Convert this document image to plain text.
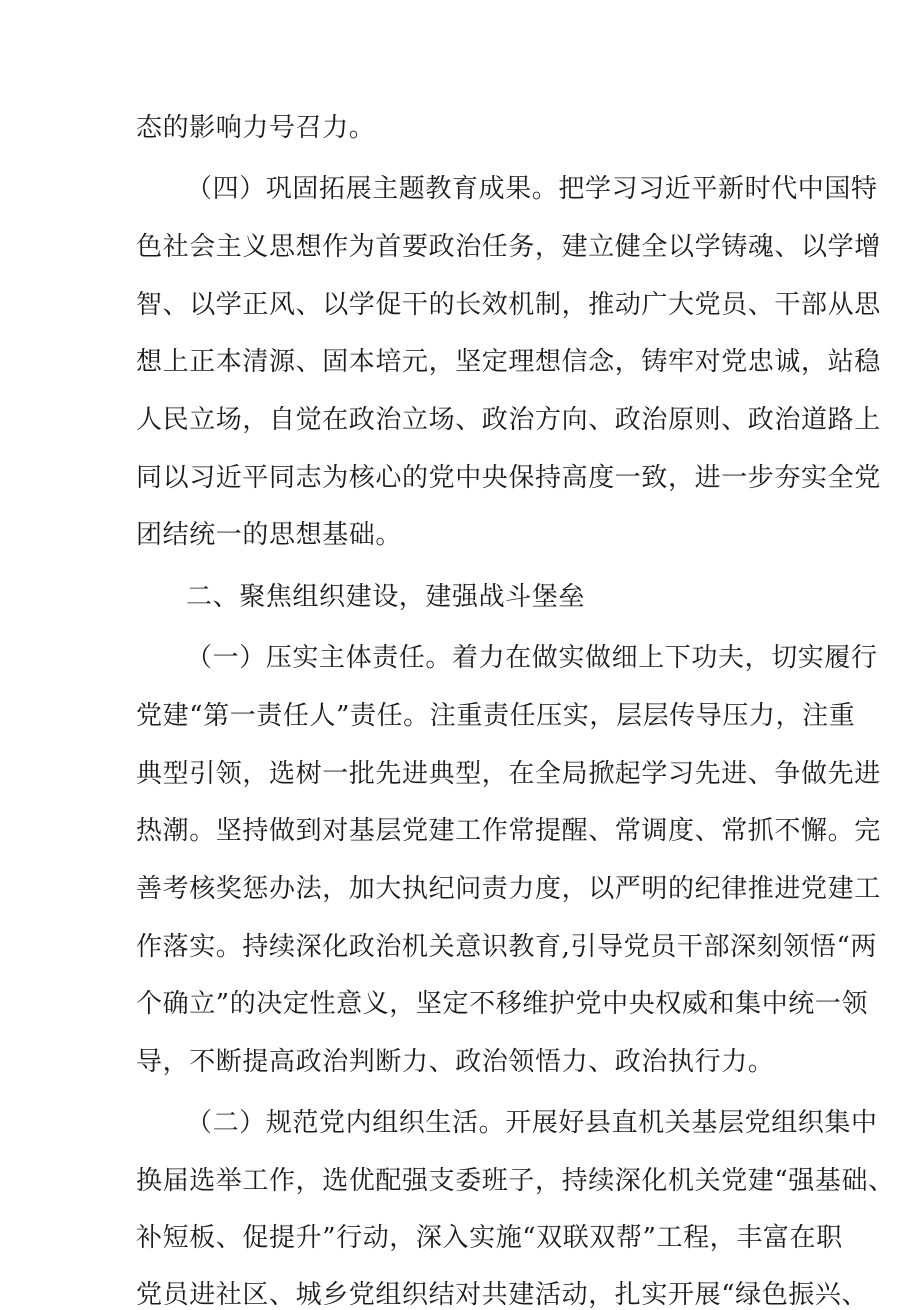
态的影响力号召力。
（四）巩固拓展主题教育成果。把学习习近平新时代中国特
色社会主义思想作为首要政治任务，建立健全以学铸魂、以学增
智、以学正风、以学促干的长效机制，推动广大党员、干部从思
想上正本清源、固本培元，坚定理想信念，铸牢对党忠诚，站稳
人民立场，自觉在政治立场、政治方向、政治原则、政治道路上
同以习近平同志为核心的党中央保持高度一致，进一步夯实全党
团结统一的思想基础。
二、聚焦组织建设，建强战斗堡垒
（一）压实主体责任。着力在做实做细上下功夫，切实履行
党建“第一责任人”责任。注重责任压实，层层传导压力，注重
典型引领，选树一批先进典型，在全局掀起学习先进、争做先进
热潮。坚持做到对基层党建工作常提醒、常调度、常抓不懈。完
善考核奖惩办法，加大执纪问责力度，以严明的纪律推进党建工
作落实。持续深化政治机关意识教育,引导党员干部深刻领悟“两
个确立”的决定性意义，坚定不移维护党中央权威和集中统一领
导，不断提高政治判断力、政治领悟力、政治执行力。
（二）规范党内组织生活。开展好县直机关基层党组织集中
换届选举工作，选优配强支委班子，持续深化机关党建“强基础、
补短板、促提升”行动，深入实施“双联双帮”工程，丰富在职
党员进社区、城乡党组织结对共建活动，扎实开展“绿色振兴、
